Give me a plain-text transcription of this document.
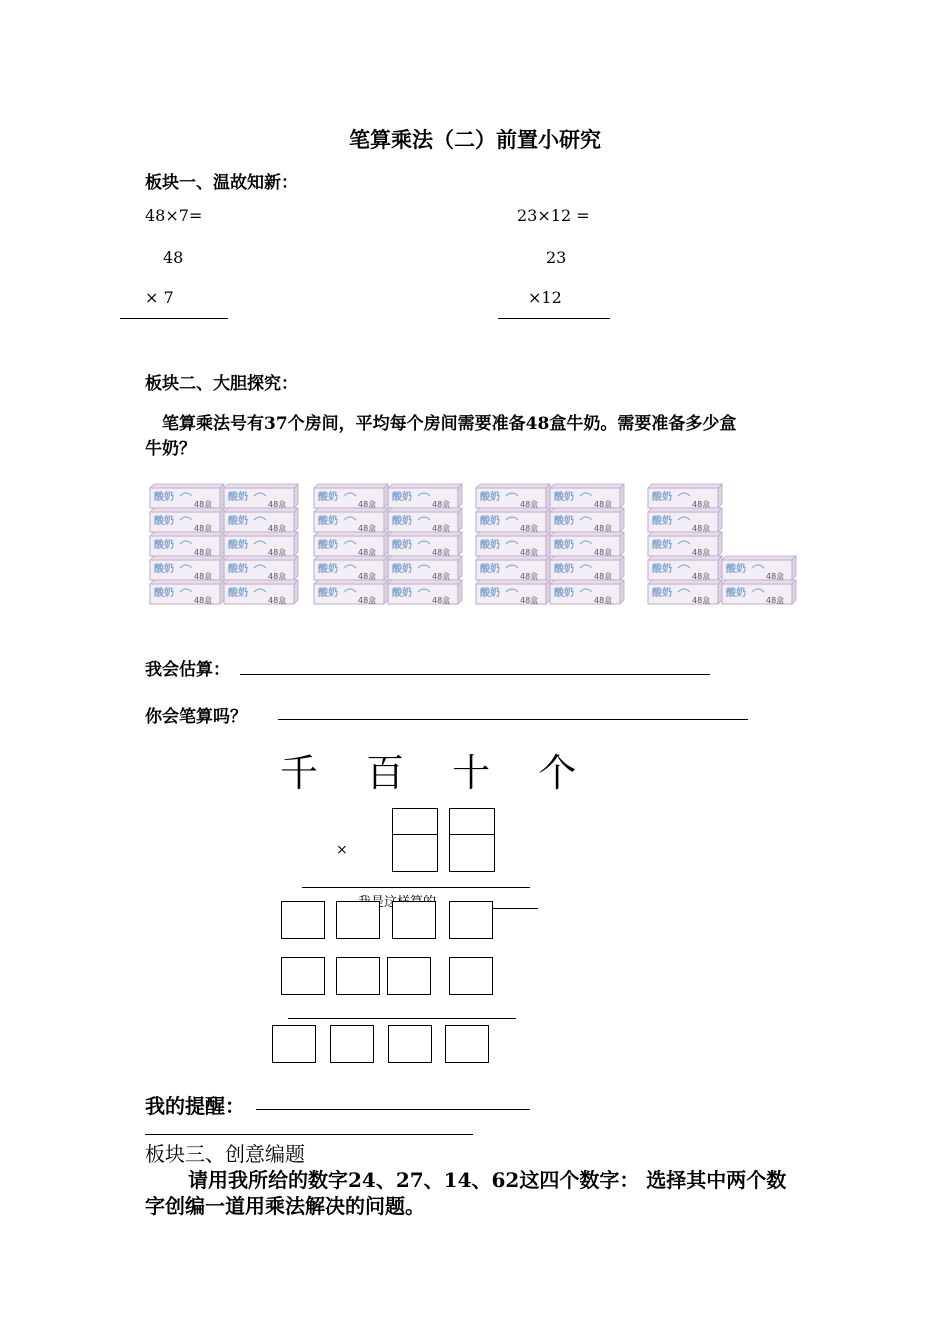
笔算乘法（二）前置小研究
板块一、温故知新：
48×7=
48
× 7
23×12 =
23
×12
板块二、大胆探究：
笔算乘法号有37个房间，平均每个房间需要准备48盒牛奶。需要准备多少盒
牛奶？
我会估算：
你会笔算吗？
千 百 十 个
×
我的提醒：
板块三、创意编题
请用我所给的数字24、27、14、62这四个数字： 选择其中两个数
字创编一道用乘法解决的问题。
